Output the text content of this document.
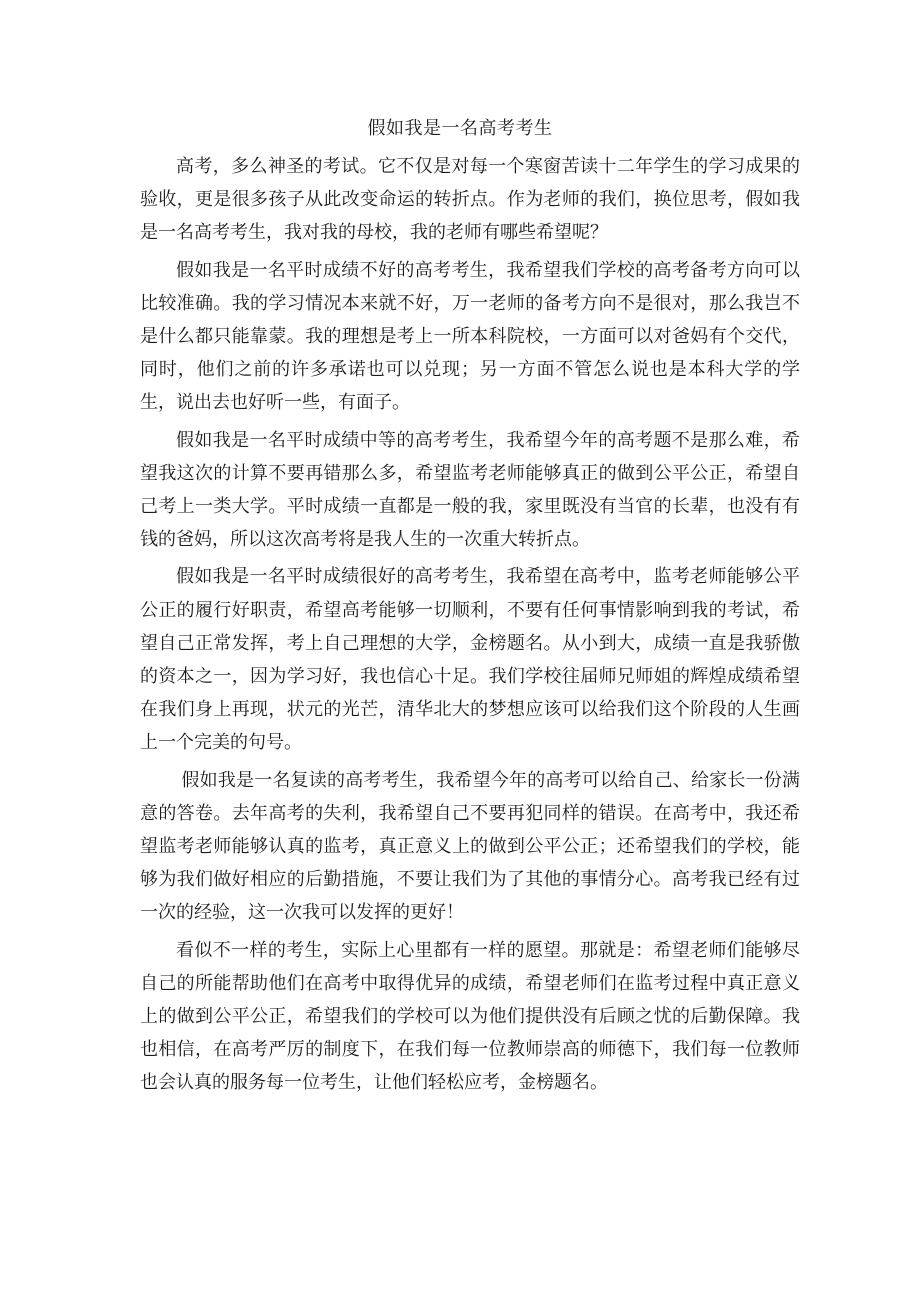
假如我是一名高考考生

高考，多么神圣的考试。它不仅是对每一个寒窗苦读十二年学生的学习成果的验收，更是很多孩子从此改变命运的转折点。作为老师的我们，换位思考，假如我是一名高考考生，我对我的母校，我的老师有哪些希望呢？

假如我是一名平时成绩不好的高考考生，我希望我们学校的高考备考方向可以比较准确。我的学习情况本来就不好，万一老师的备考方向不是很对，那么我岂不是什么都只能靠蒙。我的理想是考上一所本科院校，一方面可以对爸妈有个交代，同时，他们之前的许多承诺也可以兑现；另一方面不管怎么说也是本科大学的学生，说出去也好听一些，有面子。

假如我是一名平时成绩中等的高考考生，我希望今年的高考题不是那么难，希望我这次的计算不要再错那么多，希望监考老师能够真正的做到公平公正，希望自己考上一类大学。平时成绩一直都是一般的我，家里既没有当官的长辈，也没有有钱的爸妈，所以这次高考将是我人生的一次重大转折点。

假如我是一名平时成绩很好的高考考生，我希望在高考中，监考老师能够公平公正的履行好职责，希望高考能够一切顺利，不要有任何事情影响到我的考试，希望自己正常发挥，考上自己理想的大学，金榜题名。从小到大，成绩一直是我骄傲的资本之一，因为学习好，我也信心十足。我们学校往届师兄师姐的辉煌成绩希望在我们身上再现，状元的光芒，清华北大的梦想应该可以给我们这个阶段的人生画上一个完美的句号。

假如我是一名复读的高考考生，我希望今年的高考可以给自己、给家长一份满意的答卷。去年高考的失利，我希望自己不要再犯同样的错误。在高考中，我还希望监考老师能够认真的监考，真正意义上的做到公平公正；还希望我们的学校，能够为我们做好相应的后勤措施，不要让我们为了其他的事情分心。高考我已经有过一次的经验，这一次我可以发挥的更好！

看似不一样的考生，实际上心里都有一样的愿望。那就是：希望老师们能够尽自己的所能帮助他们在高考中取得优异的成绩，希望老师们在监考过程中真正意义上的做到公平公正，希望我们的学校可以为他们提供没有后顾之忧的后勤保障。我也相信，在高考严厉的制度下，在我们每一位教师崇高的师德下，我们每一位教师也会认真的服务每一位考生，让他们轻松应考，金榜题名。
